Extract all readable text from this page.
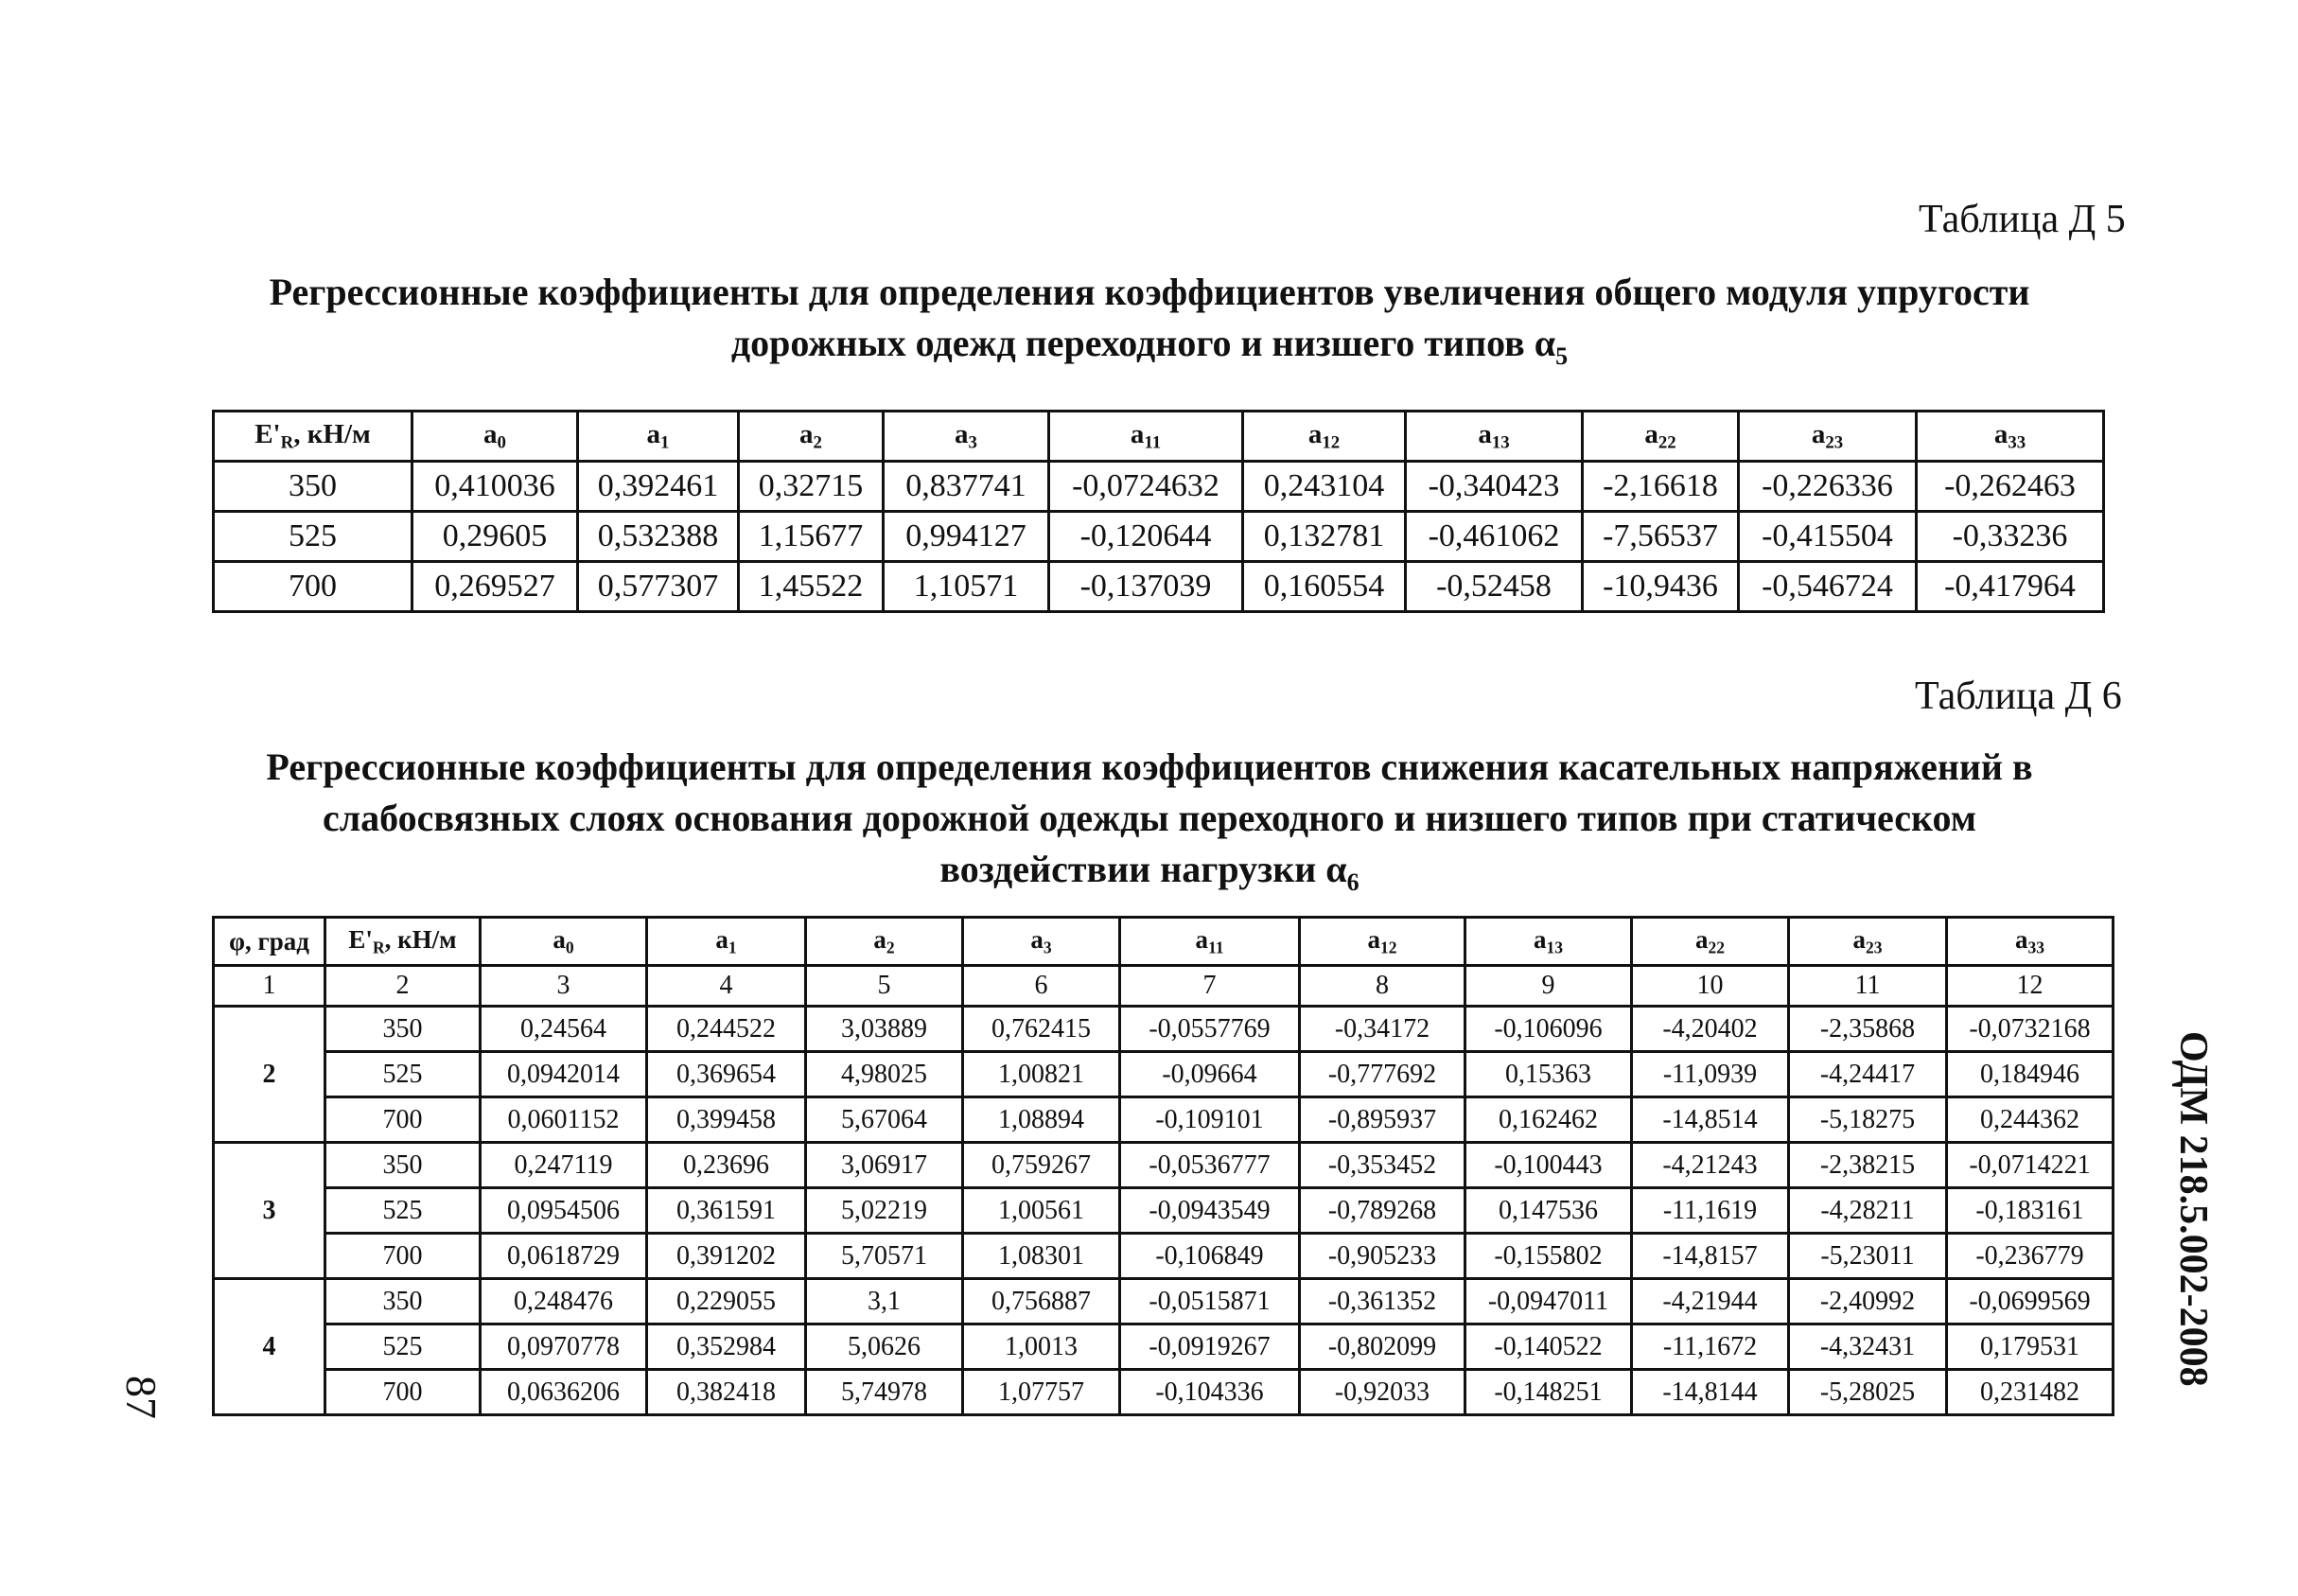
Таблица Д 5
Регрессионные коэффициенты для определения коэффициентов увеличения общего модуля упругости
дорожных одежд переходного и низшего типов $\alpha_5$
$E'_R$, кН/м	$a_0$	$a_1$	$a_2$	$a_3$	$a_{11}$	$a_{12}$	$a_{13}$	$a_{22}$	$a_{23}$	$a_{33}$
350	0,410036	0,392461	0,32715	0,837741	-0,0724632	0,243104	-0,340423	-2,16618	-0,226336	-0,262463
525	0,29605	0,532388	1,15677	0,994127	-0,120644	0,132781	-0,461062	-7,56537	-0,415504	-0,33236
700	0,269527	0,577307	1,45522	1,10571	-0,137039	0,160554	-0,52458	-10,9436	-0,546724	-0,417964
Таблица Д 6
Регрессионные коэффициенты для определения коэффициентов снижения касательных напряжений в
слабосвязных слоях основания дорожной одежды переходного и низшего типов при статическом
воздействии нагрузки $\alpha_6$
φ, град	$E'_R$, кН/м	$a_0$	$a_1$	$a_2$	$a_3$	$a_{11}$	$a_{12}$	$a_{13}$	$a_{22}$	$a_{23}$	$a_{33}$
1	2	3	4	5	6	7	8	9	10	11	12
2	350	0,24564	0,244522	3,03889	0,762415	-0,0557769	-0,34172	-0,106096	-4,20402	-2,35868	-0,0732168
	525	0,0942014	0,369654	4,98025	1,00821	-0,09664	-0,777692	0,15363	-11,0939	-4,24417	0,184946
	700	0,0601152	0,399458	5,67064	1,08894	-0,109101	-0,895937	0,162462	-14,8514	-5,18275	0,244362
3	350	0,247119	0,23696	3,06917	0,759267	-0,0536777	-0,353452	-0,100443	-4,21243	-2,38215	-0,0714221
	525	0,0954506	0,361591	5,02219	1,00561	-0,0943549	-0,789268	0,147536	-11,1619	-4,28211	-0,183161
	700	0,0618729	0,391202	5,70571	1,08301	-0,106849	-0,905233	-0,155802	-14,8157	-5,23011	-0,236779
4	350	0,248476	0,229055	3,1	0,756887	-0,0515871	-0,361352	-0,0947011	-4,21944	-2,40992	-0,0699569
	525	0,0970778	0,352984	5,0626	1,0013	-0,0919267	-0,802099	-0,140522	-11,1672	-4,32431	0,179531
	700	0,0636206	0,382418	5,74978	1,07757	-0,104336	-0,92033	-0,148251	-14,8144	-5,28025	0,231482
ОДМ 218.5.002-2008
87
